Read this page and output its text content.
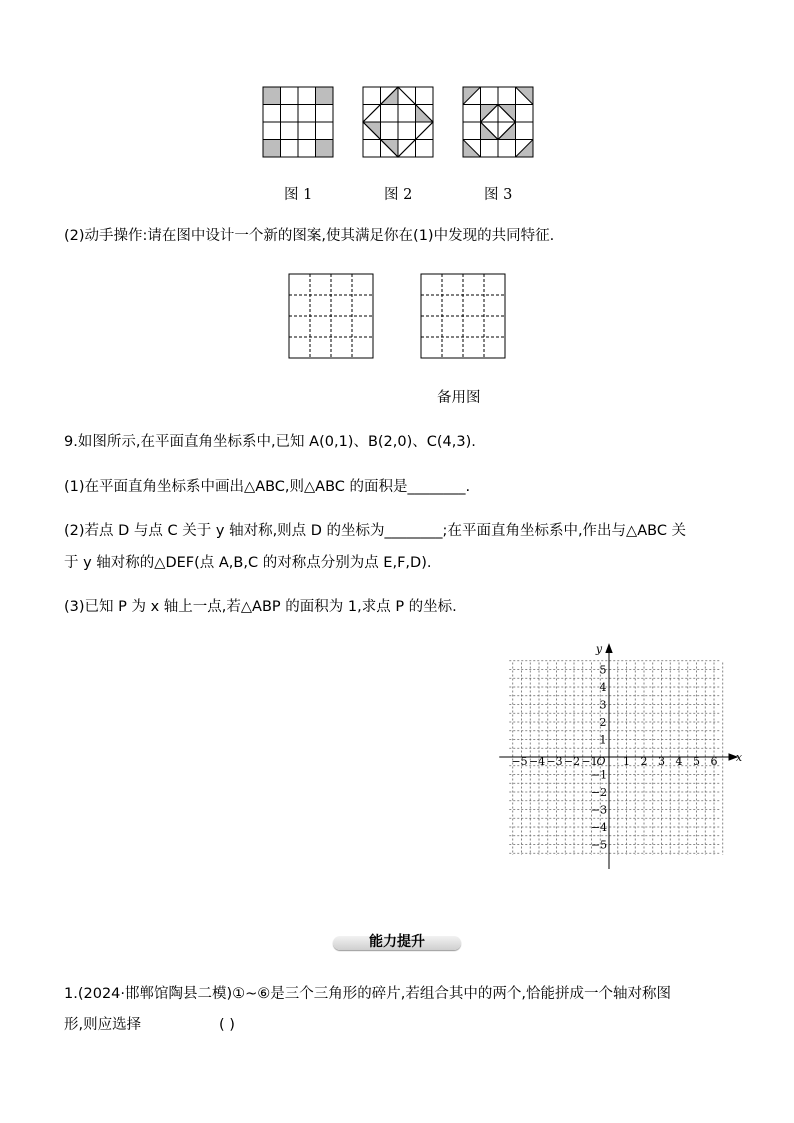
图 1	图 2	图 3
(2)动手操作:请在图中设计一个新的图案,使其满足你在(1)中发现的共同特征.
备用图
9.如图所示,在平面直角坐标系中,已知 A(0,1)、B(2,0)、C(4,3).
(1)在平面直角坐标系中画出△ABC,则△ABC 的面积是________.
(2)若点 D 与点 C 关于 y 轴对称,则点 D 的坐标为________;在平面直角坐标系中,作出与△ABC 关
于 y 轴对称的△DEF(点 A,B,C 的对称点分别为点 E,F,D).
(3)已知 P 为 x 轴上一点,若△ABP 的面积为 1,求点 P 的坐标.
−5 −4 −3 −2 −1 1 2 3 4 5 6
5
4
3
2
1
−1
−2
−3
−4
−5
O	x
y
能力提升
1.(2024·邯郸馆陶县二模)①~⑥是三个三角形的碎片,若组合其中的两个,恰能拼成一个轴对称图
形,则应选择	( )
